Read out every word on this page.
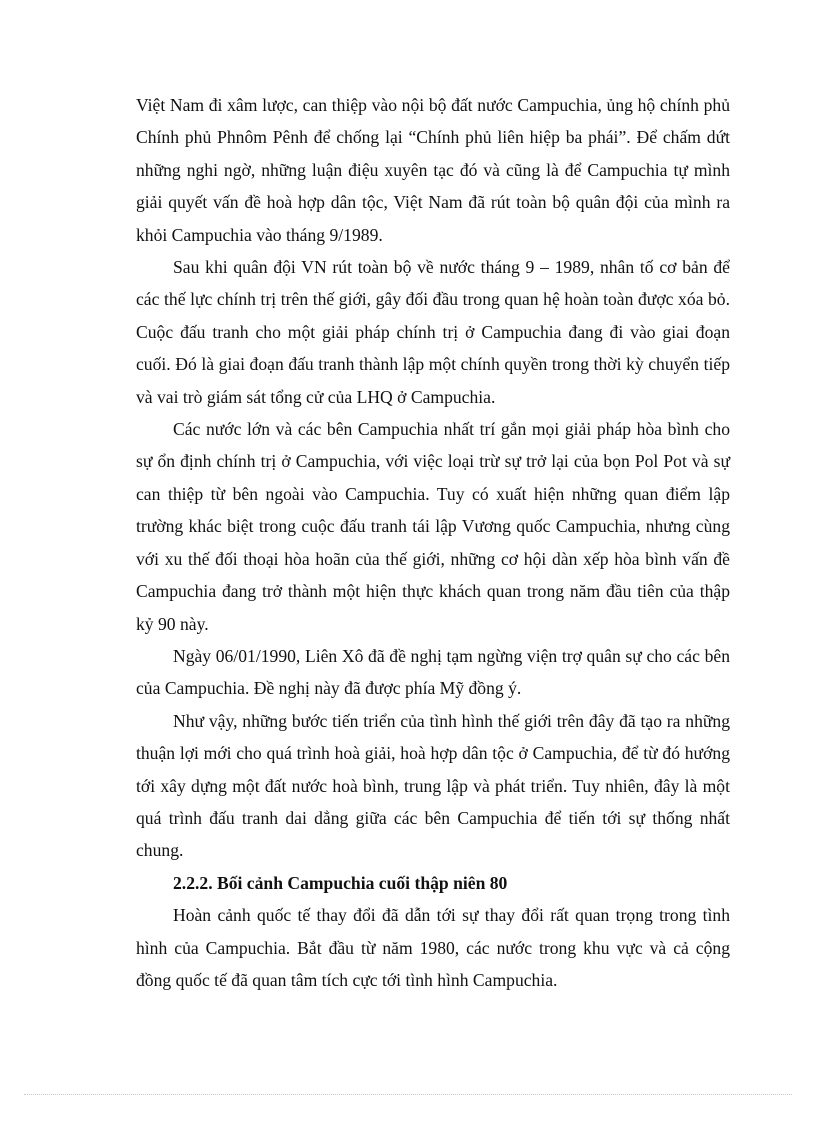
Việt Nam đi xâm lược, can thiệp vào nội bộ đất nước Campuchia, ủng hộ chính phủ Chính phủ Phnôm Pênh để chống lại “Chính phủ liên hiệp ba phái”. Để chấm dứt những nghi ngờ, những luận điệu xuyên tạc đó và cũng là để Campuchia tự mình giải quyết vấn đề hoà hợp dân tộc, Việt Nam đã rút toàn bộ quân đội của mình ra khỏi Campuchia vào tháng 9/1989.

Sau khi quân đội VN rút toàn bộ về nước tháng 9 – 1989, nhân tố cơ bản để các thế lực chính trị trên thế giới, gây đối đầu trong quan hệ hoàn toàn được xóa bỏ. Cuộc đấu tranh cho một giải pháp chính trị ở Campuchia đang đi vào giai đoạn cuối. Đó là giai đoạn đấu tranh thành lập một chính quyền trong thời kỳ chuyển tiếp và vai trò giám sát tổng cử của LHQ ở Campuchia.

Các nước lớn và các bên Campuchia nhất trí gắn mọi giải pháp hòa bình cho sự ổn định chính trị ở Campuchia, với việc loại trừ sự trở lại của bọn Pol Pot và sự can thiệp từ bên ngoài vào Campuchia. Tuy có xuất hiện những quan điểm lập trường khác biệt trong cuộc đấu tranh tái lập Vương quốc Campuchia, nhưng cùng với xu thế đối thoại hòa hoãn của thế giới, những cơ hội dàn xếp hòa bình vấn đề Campuchia đang trở thành một hiện thực khách quan trong năm đầu tiên của thập kỷ 90 này.

Ngày 06/01/1990, Liên Xô đã đề nghị tạm ngừng viện trợ quân sự cho các bên của Campuchia. Đề nghị này đã được phía Mỹ đồng ý.

Như vậy, những bước tiến triển của tình hình thế giới trên đây đã tạo ra những thuận lợi mới cho quá trình hoà giải, hoà hợp dân tộc ở Campuchia, để từ đó hướng tới xây dựng một đất nước hoà bình, trung lập và phát triển. Tuy nhiên, đây là một quá trình đấu tranh dai dẳng giữa các bên Campuchia để tiến tới sự thống nhất chung.

2.2.2. Bối cảnh Campuchia cuối thập niên 80

Hoàn cảnh quốc tế thay đổi đã dẫn tới sự thay đổi rất quan trọng trong tình hình của Campuchia. Bắt đầu từ năm 1980, các nước trong khu vực và cả cộng đồng quốc tế đã quan tâm tích cực tới tình hình Campuchia.
